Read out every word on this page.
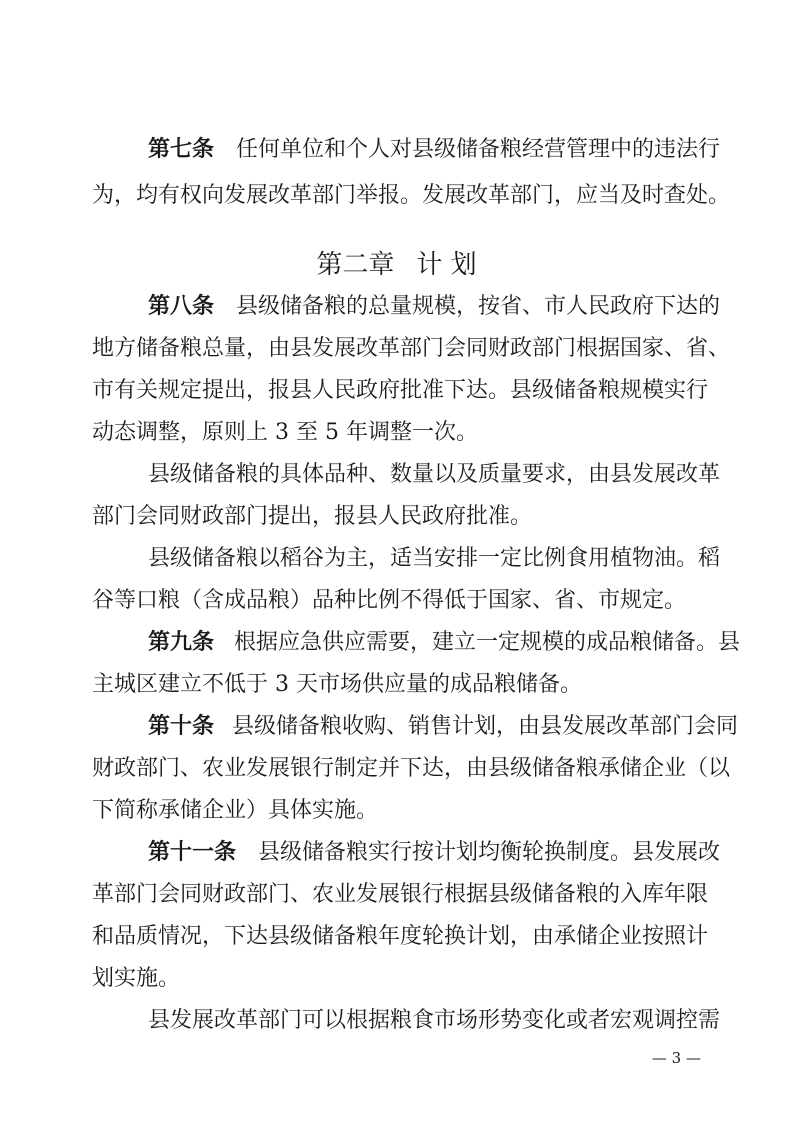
第七条 任何单位和个人对县级储备粮经营管理中的违法行
为，均有权向发展改革部门举报。发展改革部门，应当及时查处。
第二章 计 划
第八条 县级储备粮的总量规模，按省、市人民政府下达的
地方储备粮总量，由县发展改革部门会同财政部门根据国家、省、
市有关规定提出，报县人民政府批准下达。县级储备粮规模实行
动态调整，原则上 3 至 5 年调整一次。
县级储备粮的具体品种、数量以及质量要求，由县发展改革
部门会同财政部门提出，报县人民政府批准。
县级储备粮以稻谷为主，适当安排一定比例食用植物油。稻
谷等口粮（含成品粮）品种比例不得低于国家、省、市规定。
第九条 根据应急供应需要，建立一定规模的成品粮储备。县
主城区建立不低于 3 天市场供应量的成品粮储备。
第十条 县级储备粮收购、销售计划，由县发展改革部门会同
财政部门、农业发展银行制定并下达，由县级储备粮承储企业（以
下简称承储企业）具体实施。
第十一条 县级储备粮实行按计划均衡轮换制度。县发展改
革部门会同财政部门、农业发展银行根据县级储备粮的入库年限
和品质情况，下达县级储备粮年度轮换计划，由承储企业按照计
划实施。
县发展改革部门可以根据粮食市场形势变化或者宏观调控需
— 3 —
